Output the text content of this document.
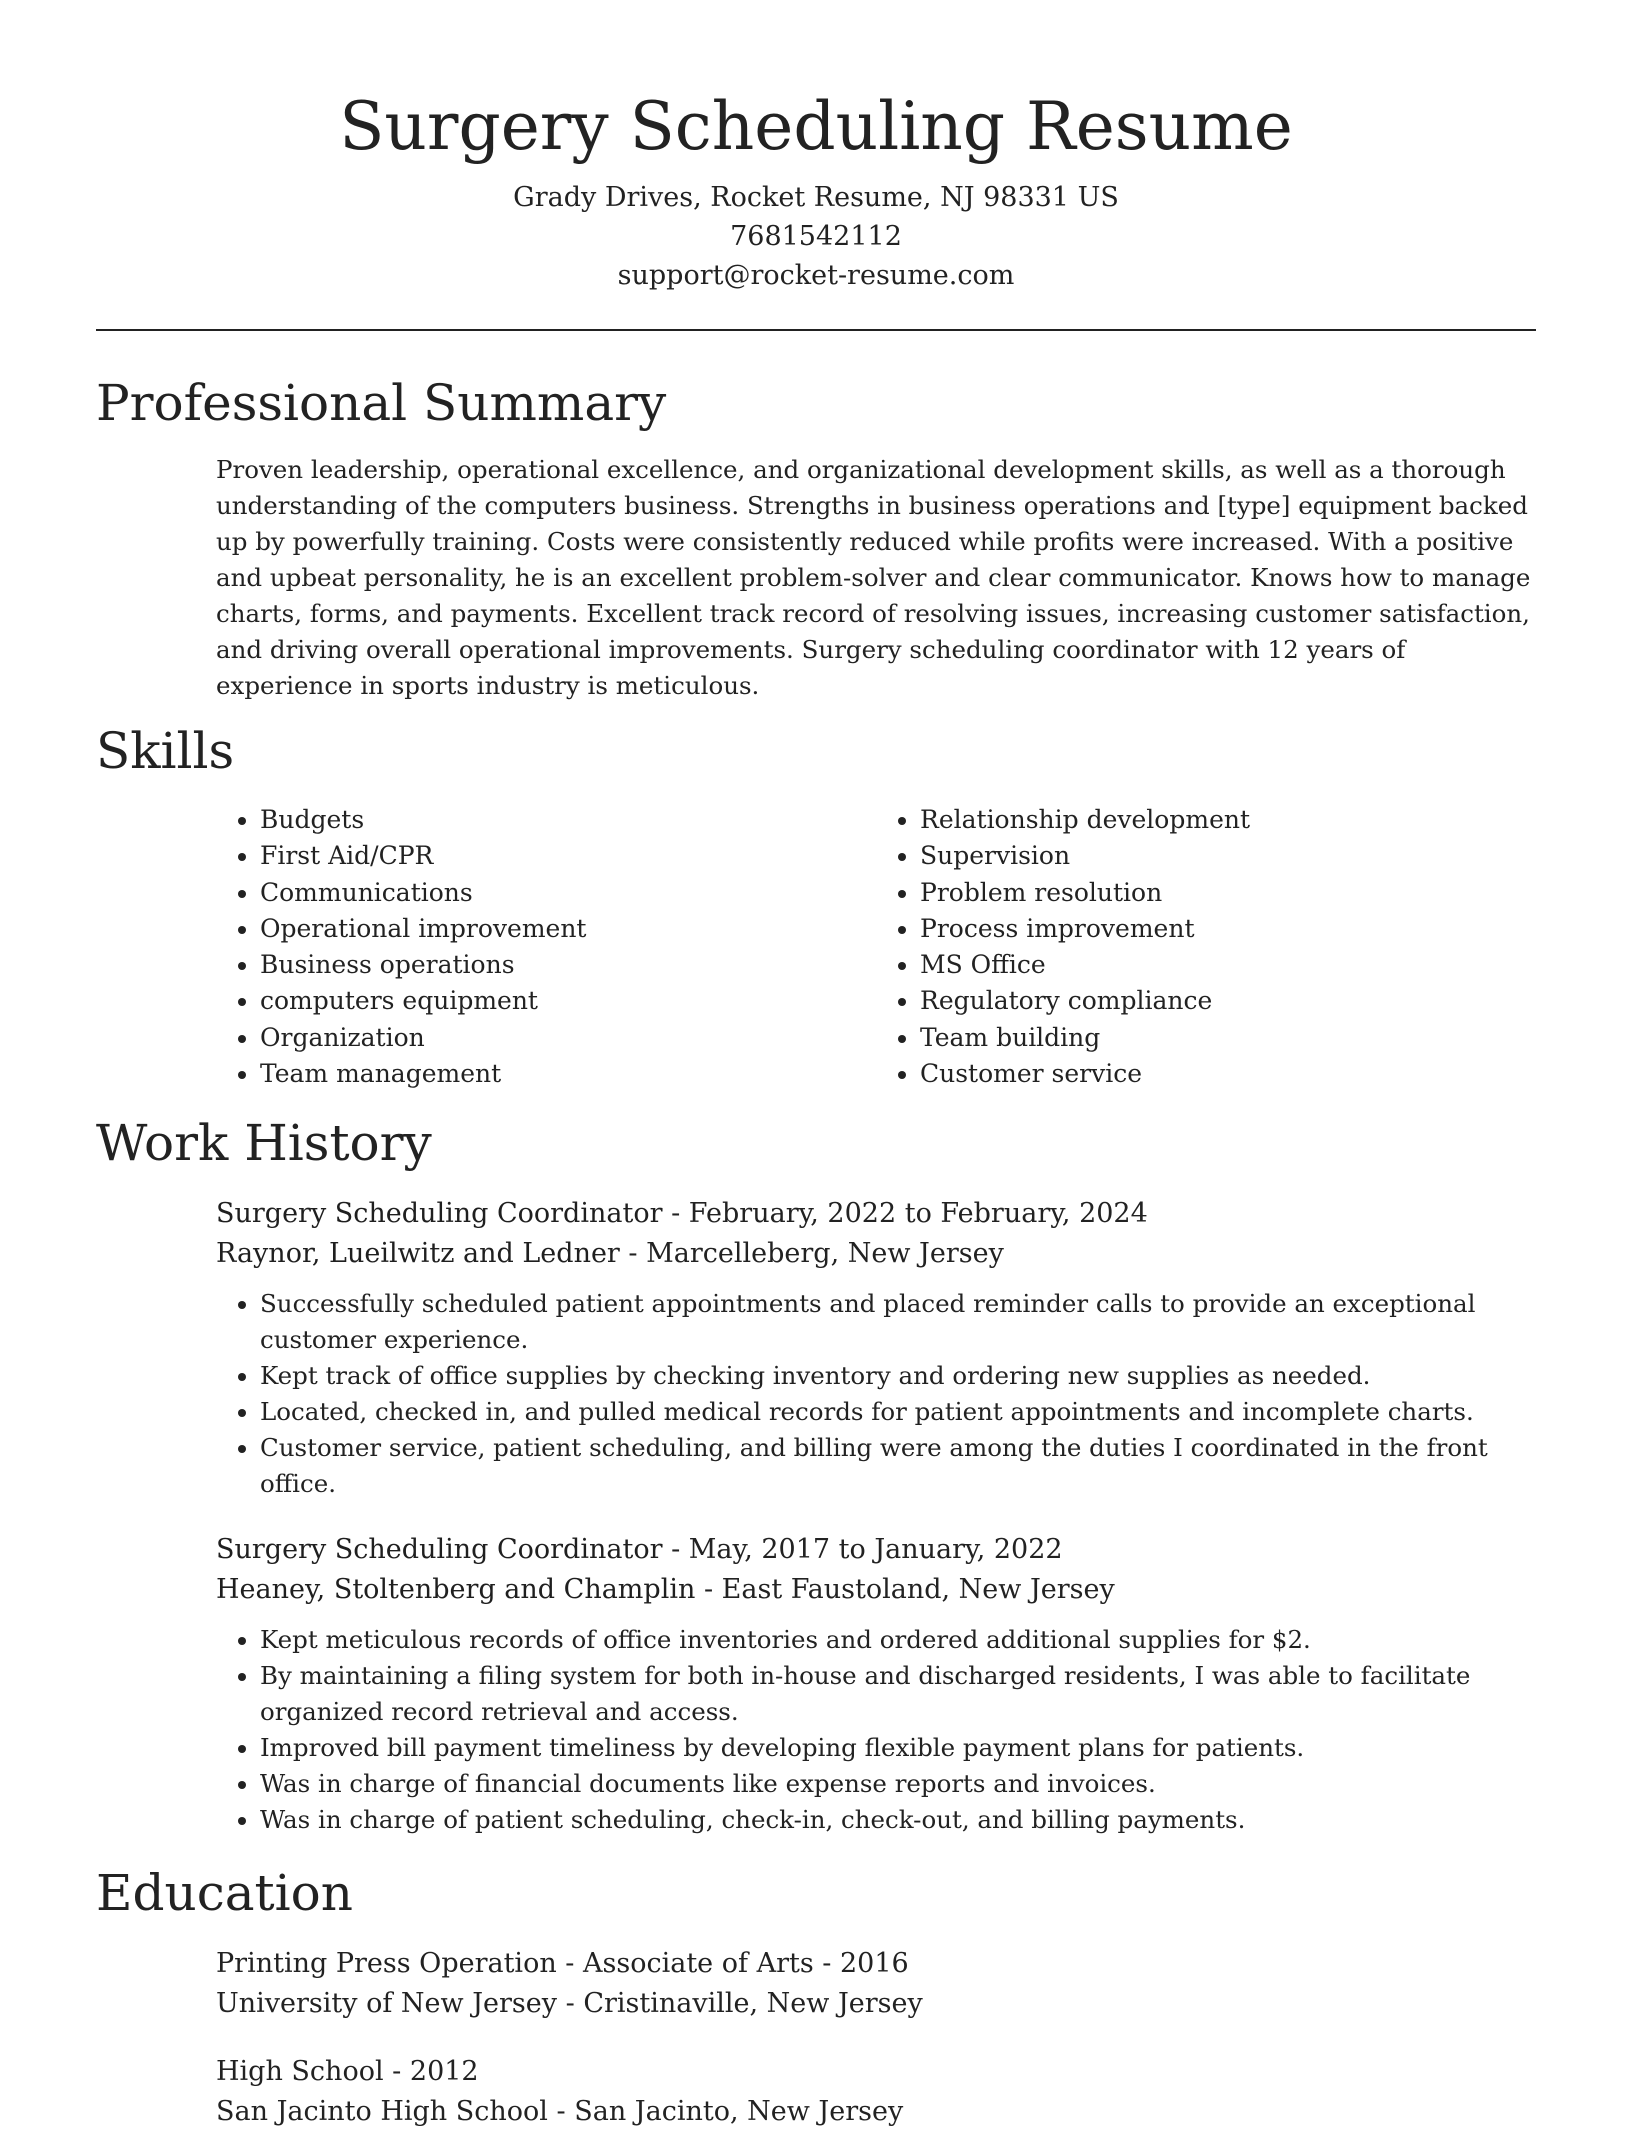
Surgery Scheduling Resume
Grady Drives, Rocket Resume, NJ 98331 US
7681542112
support@rocket-resume.com
Professional Summary
Proven leadership, operational excellence, and organizational development skills, as well as a thorough understanding of the computers business. Strengths in business operations and [type] equipment backed up by powerfully training. Costs were consistently reduced while profits were increased. With a positive and upbeat personality, he is an excellent problem-solver and clear communicator. Knows how to manage charts, forms, and payments. Excellent track record of resolving issues, increasing customer satisfaction, and driving overall operational improvements. Surgery scheduling coordinator with 12 years of experience in sports industry is meticulous.
Skills
• Budgets
• First Aid/CPR
• Communications
• Operational improvement
• Business operations
• computers equipment
• Organization
• Team management
• Relationship development
• Supervision
• Problem resolution
• Process improvement
• MS Office
• Regulatory compliance
• Team building
• Customer service
Work History
Surgery Scheduling Coordinator - February, 2022 to February, 2024
Raynor, Lueilwitz and Ledner - Marcelleberg, New Jersey
• Successfully scheduled patient appointments and placed reminder calls to provide an exceptional customer experience.
• Kept track of office supplies by checking inventory and ordering new supplies as needed.
• Located, checked in, and pulled medical records for patient appointments and incomplete charts.
• Customer service, patient scheduling, and billing were among the duties I coordinated in the front office.
Surgery Scheduling Coordinator - May, 2017 to January, 2022
Heaney, Stoltenberg and Champlin - East Faustoland, New Jersey
• Kept meticulous records of office inventories and ordered additional supplies for $2.
• By maintaining a filing system for both in-house and discharged residents, I was able to facilitate organized record retrieval and access.
• Improved bill payment timeliness by developing flexible payment plans for patients.
• Was in charge of financial documents like expense reports and invoices.
• Was in charge of patient scheduling, check-in, check-out, and billing payments.
Education
Printing Press Operation - Associate of Arts - 2016
University of New Jersey - Cristinaville, New Jersey
High School - 2012
San Jacinto High School - San Jacinto, New Jersey
